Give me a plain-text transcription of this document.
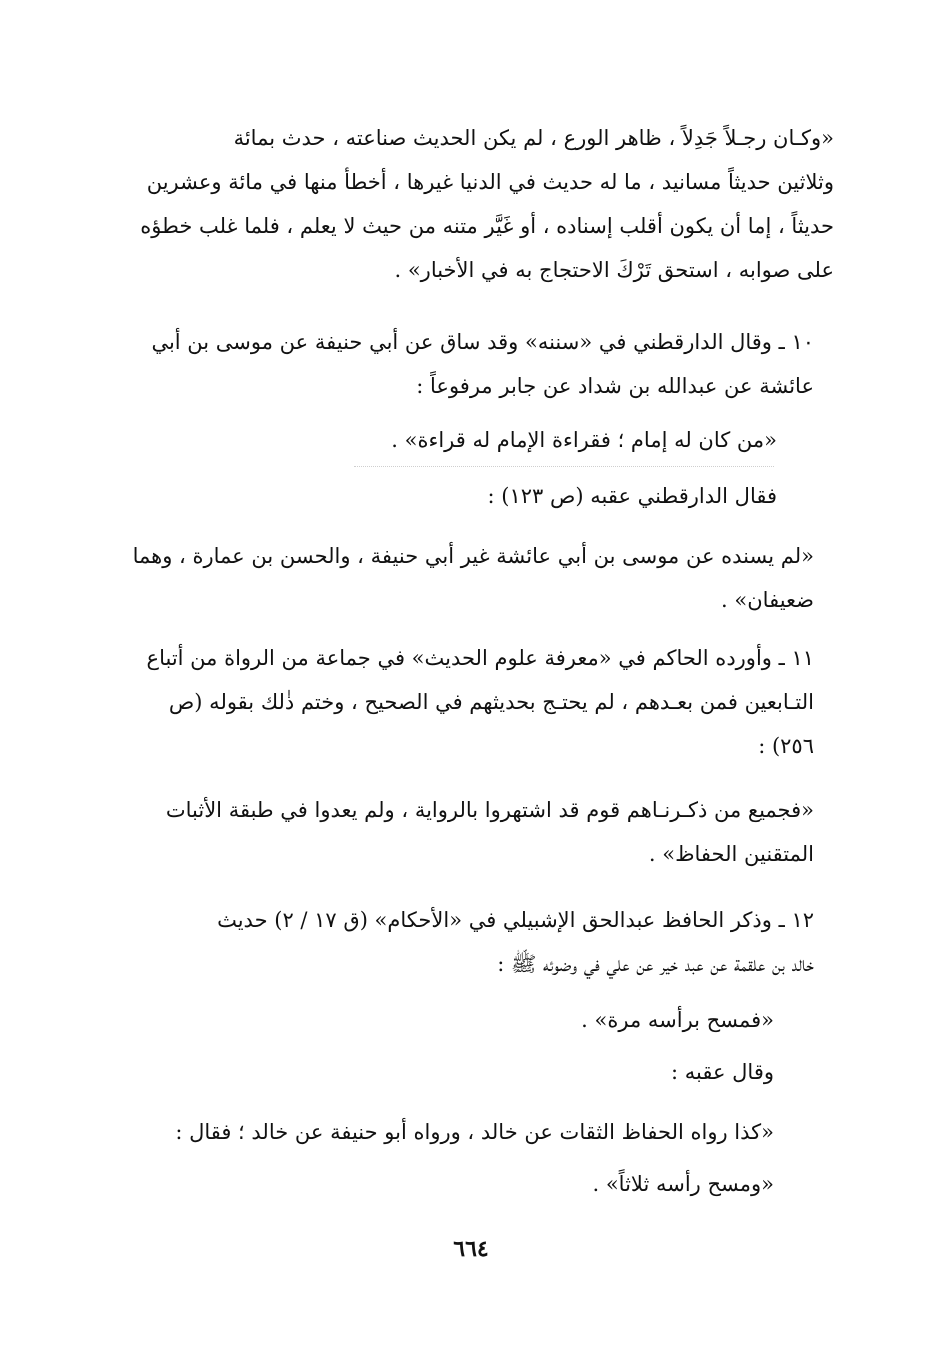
«وكـان رجـلاً جَدِلاً ، ظاهر الورع ، لم يكن الحديث صناعته ، حدث بمائة
وثلاثين حديثاً مسانيد ، ما له حديث في الدنيا غيرها ، أخطأ منها في مائة وعشرين
حديثاً ، إما أن يكون أقلب إسناده ، أو غَيَّر متنه من حيث لا يعلم ، فلما غلب خطؤه
على صوابه ، استحق تَرْكَ الاحتجاج به في الأخبار» .

١٠ ـ وقال الدارقطني في «سننه» وقد ساق عن أبي حنيفة عن موسى بن أبي
عائشة عن عبدالله بن شداد عن جابر مرفوعاً :

«من كان له إمام ؛ فقراءة الإمام له قراءة» .

فقال الدارقطني عقبه (ص ١٢٣) :

«لم يسنده عن موسى بن أبي عائشة غير أبي حنيفة ، والحسن بن عمارة ، وهما
ضعيفان» .

١١ ـ وأورده الحاكم في «معرفة علوم الحديث» في جماعة من الرواة من أتباع
التـابعين فمن بعـدهم ، لم يحتـج بحديثهم في الصحيح ، وختم ذٰلك بقوله (ص
٢٥٦) :

«فجميع من ذكـرنـاهم قوم قد اشتهروا بالرواية ، ولم يعدوا في طبقة الأثبات
المتقنين الحفاظ» .

١٢ ـ وذكر الحافظ عبدالحق الإشبيلي في «الأحكام» (ق ١٧ / ٢) حديث
خالد بن علقمة عن عبد خير عن علي في وضوئه ﷺ :

«فمسح برأسه مرة» .

وقال عقبه :

«كذا رواه الحفاظ الثقات عن خالد ، ورواه أبو حنيفة عن خالد ؛ فقال :

«ومسح رأسه ثلاثاً» .

٦٦٤
